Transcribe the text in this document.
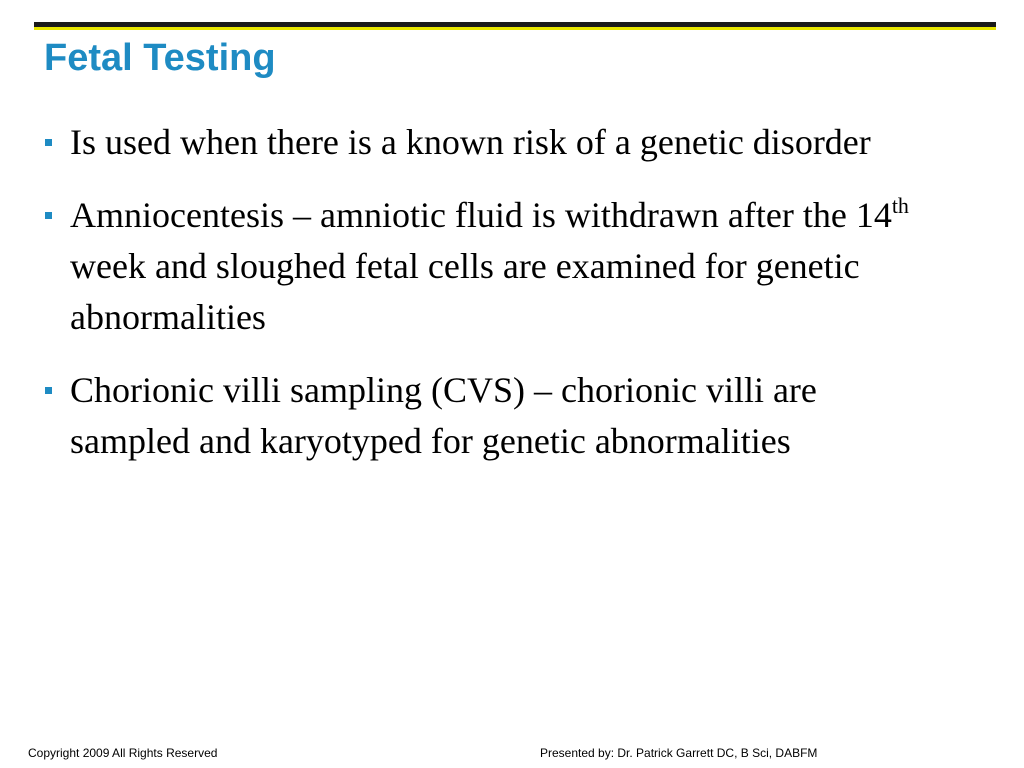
Fetal Testing
Is used when there is a known risk of a genetic disorder
Amniocentesis – amniotic fluid is withdrawn after the 14th week and sloughed fetal cells are examined for genetic abnormalities
Chorionic villi sampling (CVS) – chorionic villi are sampled and karyotyped for genetic abnormalities
Copyright 2009 All Rights Reserved	Presented by: Dr. Patrick Garrett DC, B Sci, DABFM
